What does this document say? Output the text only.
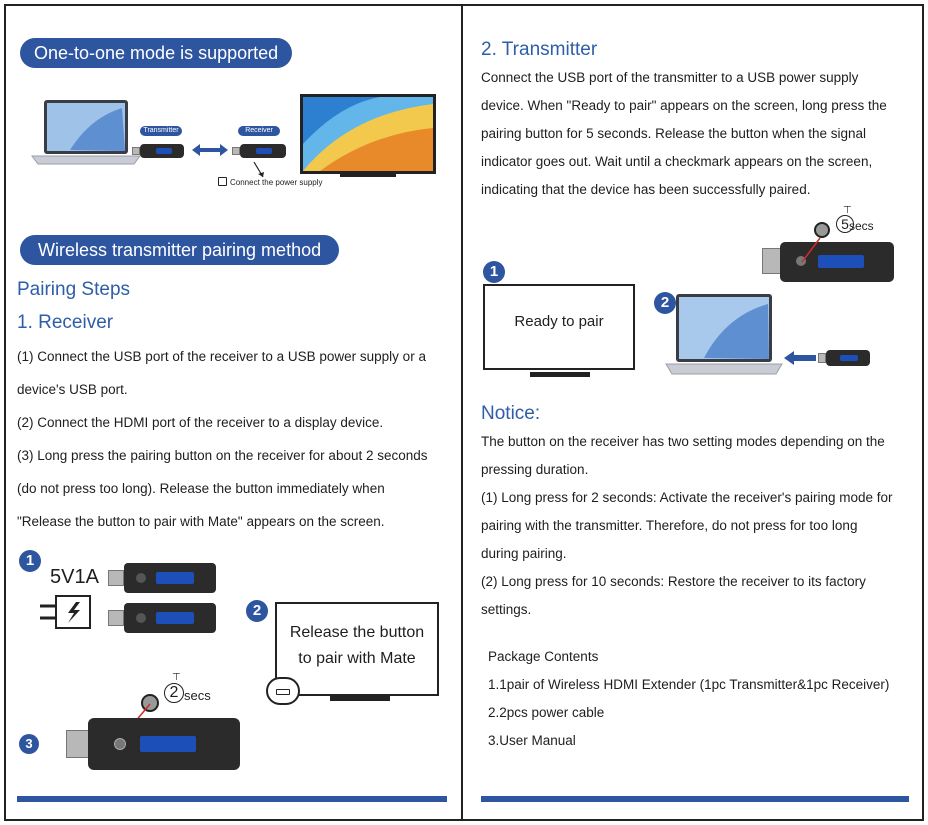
One-to-one mode is supported
Transmitter	Receiver
Connect the power supply
Wireless transmitter pairing method
Pairing Steps
1. Receiver
(1) Connect the USB port of the receiver to a USB power supply or a
device's USB port.
(2) Connect the HDMI port of the receiver to a display device.
(3) Long press the pairing button on the receiver for about 2 seconds
(do not press too long). Release the button immediately when
"Release the button to pair with Mate" appears on the screen.
1
5V1A
2
Release the button
to pair with Mate
⊤
2 secs
3
2. Transmitter
Connect the USB port of the transmitter to a USB power supply
device. When "Ready to pair" appears on the screen, long press the
pairing button for 5 seconds. Release the button when the signal
indicator goes out. Wait until a checkmark appears on the screen,
indicating that the device has been successfully paired.
⊤
5 secs
1
Ready to pair
2
Notice:
The button on the receiver has two setting modes depending on the
pressing duration.
(1) Long press for 2 seconds: Activate the receiver's pairing mode for
pairing with the transmitter. Therefore, do not press for too long
during pairing.
(2) Long press for 10 seconds: Restore the receiver to its factory
settings.
Package Contents
1.1pair of Wireless HDMI Extender (1pc Transmitter&1pc Receiver)
2.2pcs power cable
3.User Manual
